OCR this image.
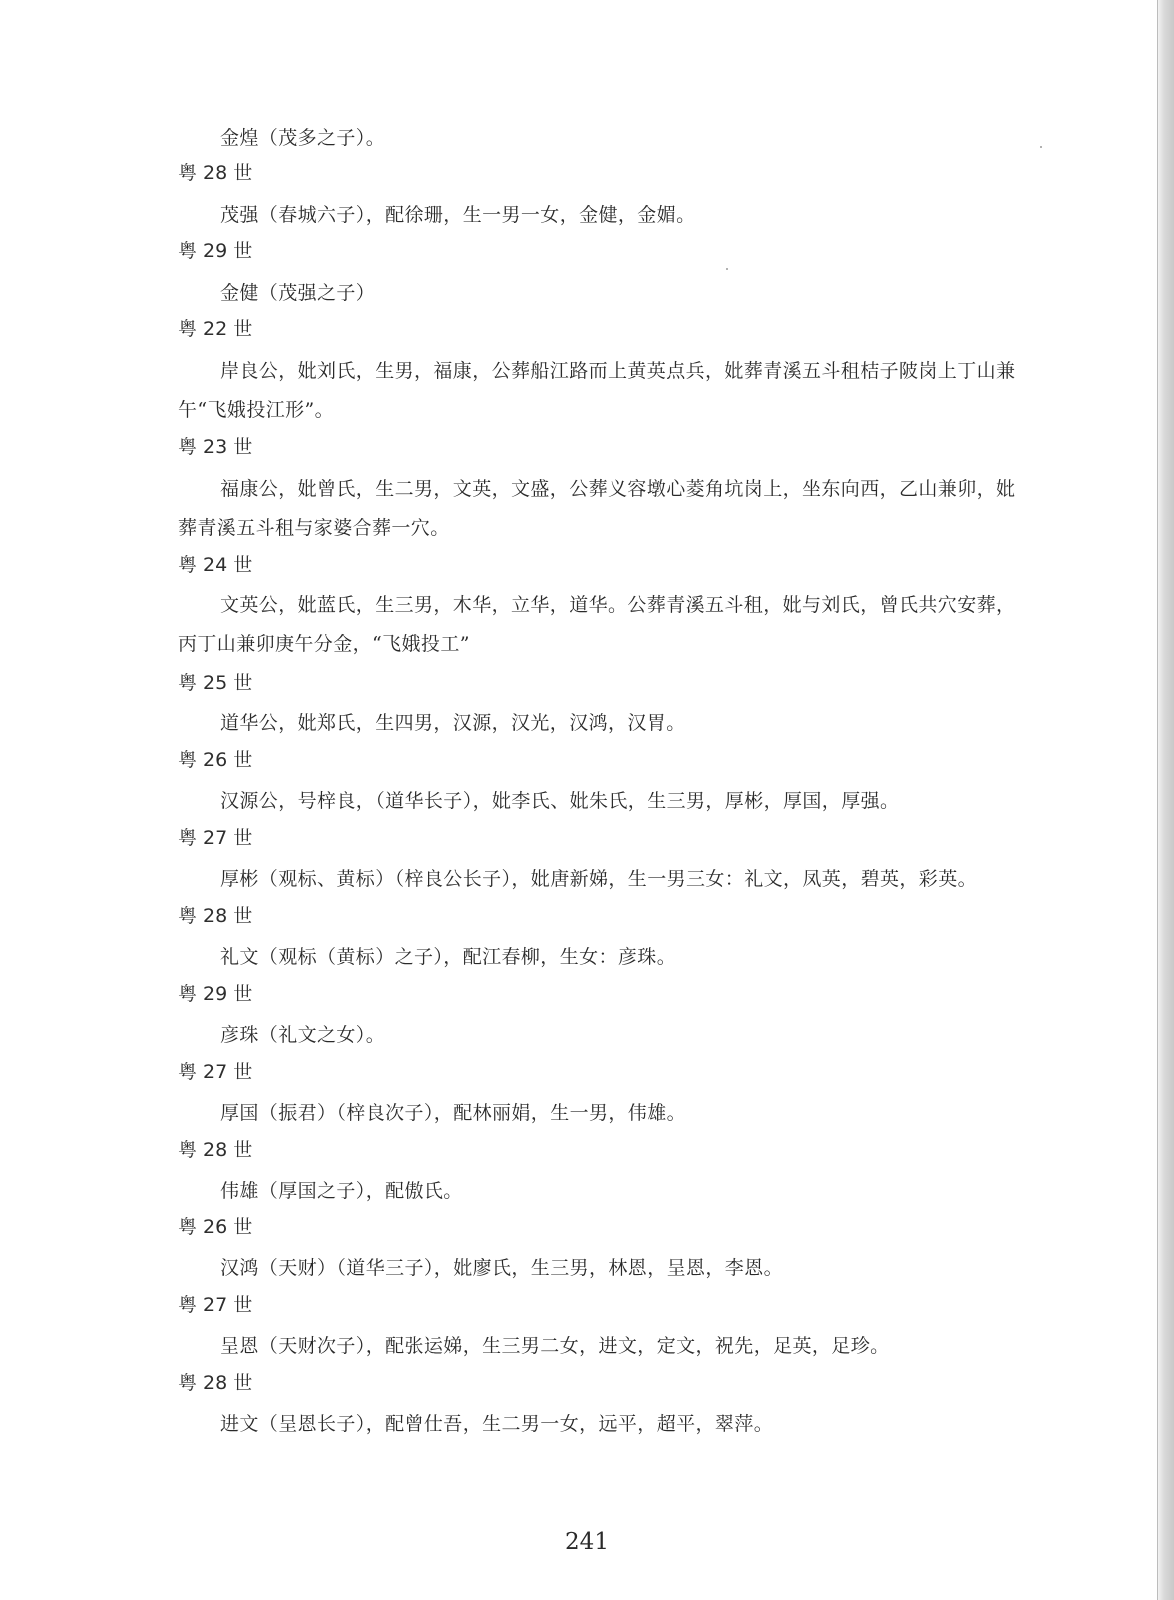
金煌（茂多之子）。
粤 28 世
茂强（春城六子），配徐珊，生一男一女，金健，金媚。
粤 29 世
金健（茂强之子）
粤 22 世
岸良公，妣刘氏，生男，福康，公葬船江路而上黄英点兵，妣葬青溪五斗租桔子陂岗上丁山兼午“飞娥投江形”。
粤 23 世
福康公，妣曾氏，生二男，文英，文盛，公葬义容墩心菱角坑岗上，坐东向西，乙山兼卯，妣葬青溪五斗租与家婆合葬一穴。
粤 24 世
文英公，妣蓝氏，生三男，木华，立华，道华。公葬青溪五斗租，妣与刘氏，曾氏共穴安葬，丙丁山兼卯庚午分金，“飞娥投工”
粤 25 世
道华公，妣郑氏，生四男，汉源，汉光，汉鸿，汉胃。
粤 26 世
汉源公，号梓良，（道华长子），妣李氏、妣朱氏，生三男，厚彬，厚国，厚强。
粤 27 世
厚彬（观标、黄标）（梓良公长子），妣唐新娣，生一男三女：礼文，凤英，碧英，彩英。
粤 28 世
礼文（观标（黄标）之子），配江春柳，生女：彦珠。
粤 29 世
彦珠（礼文之女）。
粤 27 世
厚国（振君）（梓良次子），配林丽娟，生一男，伟雄。
粤 28 世
伟雄（厚国之子），配傲氏。
粤 26 世
汉鸿（天财）（道华三子），妣廖氏，生三男，林恩，呈恩，李恩。
粤 27 世
呈恩（天财次子），配张运娣，生三男二女，进文，定文，祝先，足英，足珍。
粤 28 世
进文（呈恩长子），配曾仕吾，生二男一女，远平，超平，翠萍。
241
